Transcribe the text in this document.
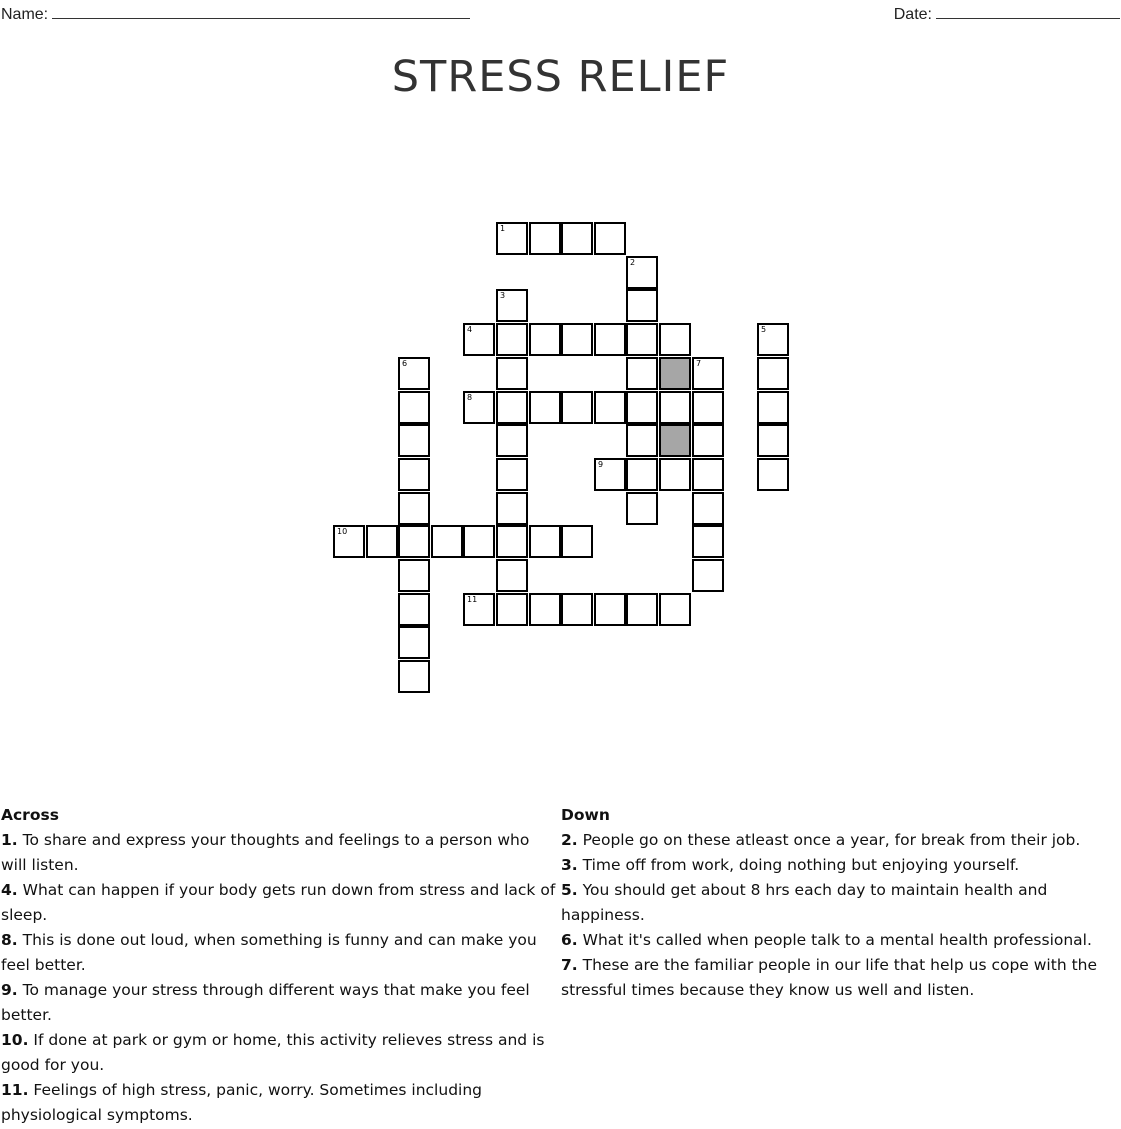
Name:	Date:
STRESS RELIEF
1
2
3
4	5
6	7
8
9
10
11
Across
1. To share and express your thoughts and feelings to a person who will listen.
4. What can happen if your body gets run down from stress and lack of sleep.
8. This is done out loud, when something is funny and can make you feel better.
9. To manage your stress through different ways that make you feel better.
10. If done at park or gym or home, this activity relieves stress and is good for you.
11. Feelings of high stress, panic, worry. Sometimes including physiological symptoms.
Down
2. People go on these atleast once a year, for break from their job.
3. Time off from work, doing nothing but enjoying yourself.
5. You should get about 8 hrs each day to maintain health and happiness.
6. What it's called when people talk to a mental health professional.
7. These are the familiar people in our life that help us cope with the stressful times because they know us well and listen.
